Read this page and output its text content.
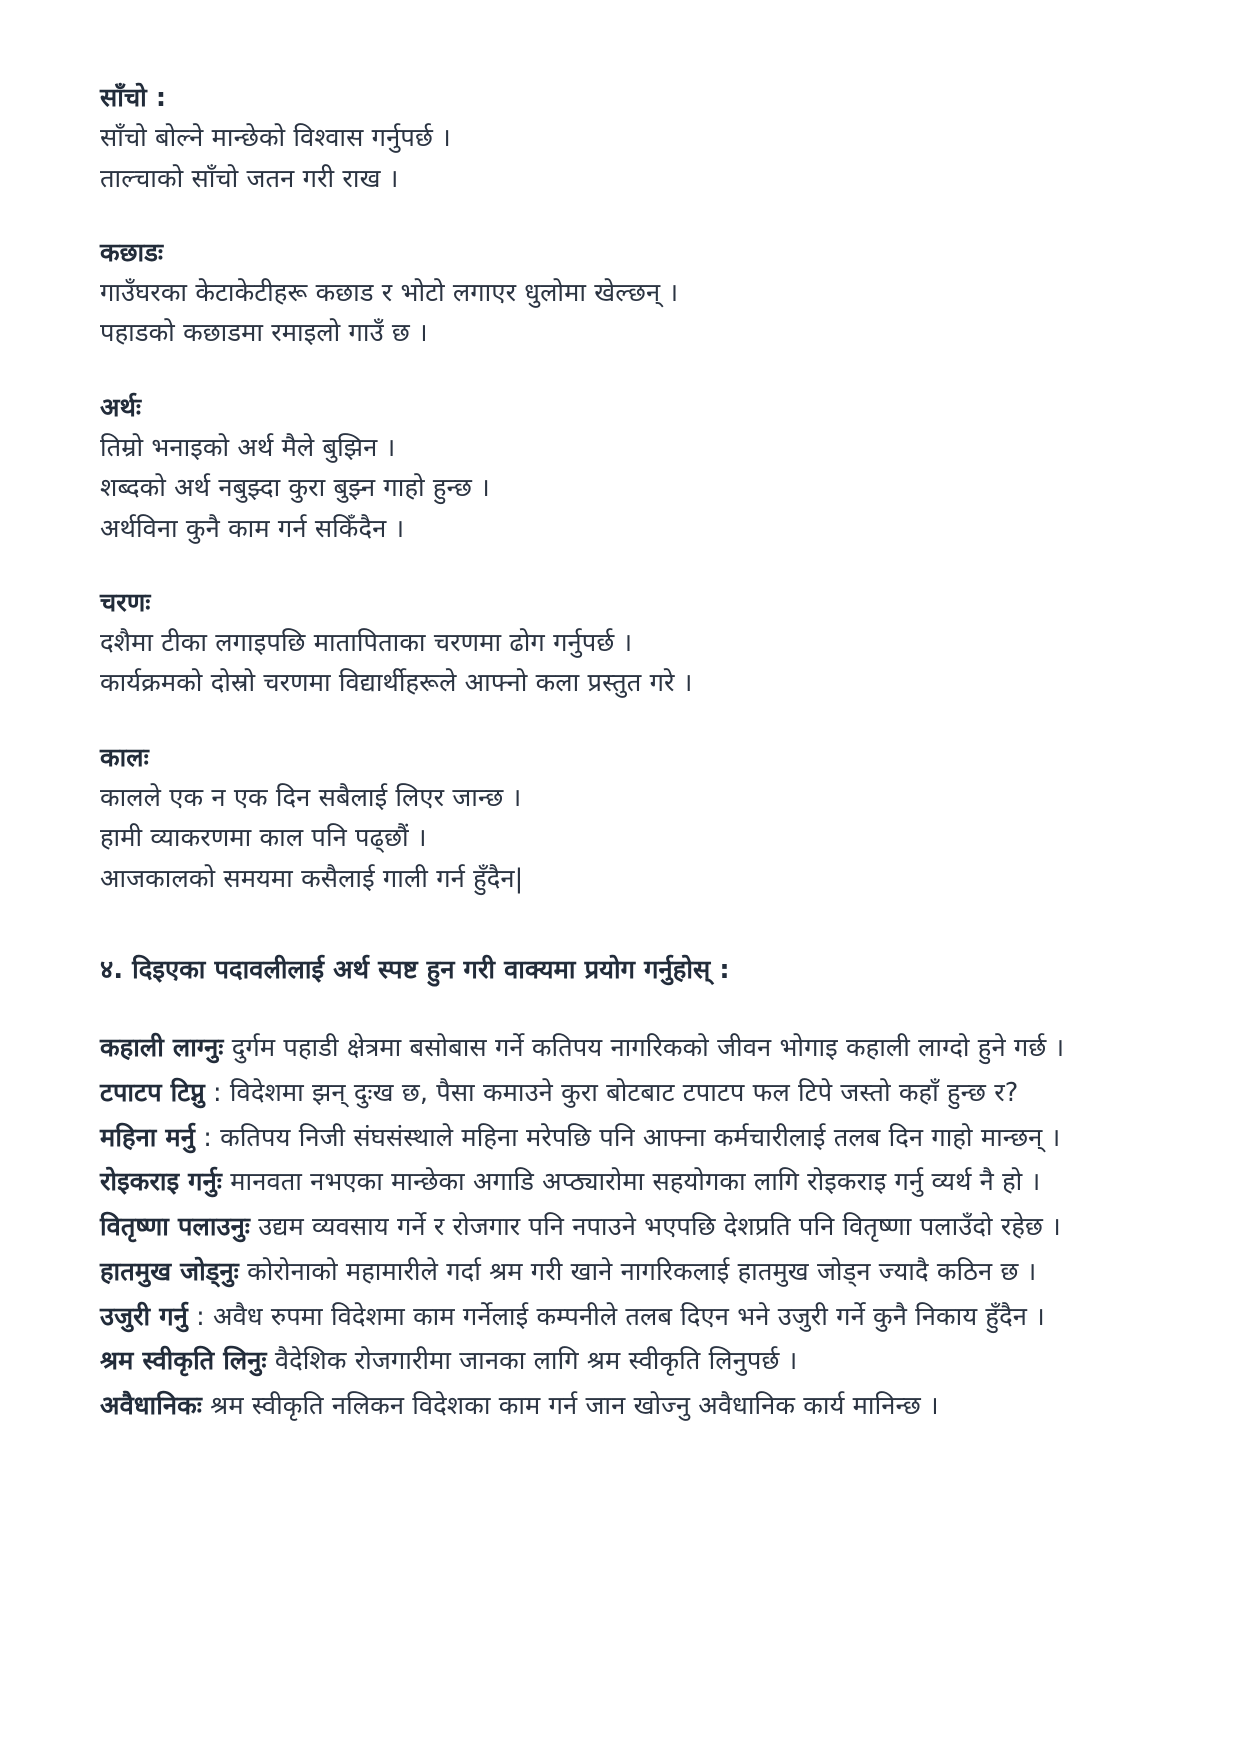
साँचो :

साँचो बोल्ने मान्छेको विश्वास गर्नुपर्छ ।

ताल्चाको साँचो जतन गरी राख ।

कछाडः

गाउँघरका केटाकेटीहरू कछाड र भोटो लगाएर धुलोमा खेल्छन् ।

पहाडको कछाडमा रमाइलो गाउँ छ ।

अर्थः

तिम्रो भनाइको अर्थ मैले बुझिन ।

शब्दको अर्थ नबुझ्दा कुरा बुझ्न गाहो हुन्छ ।

अर्थविना कुनै काम गर्न सकिँदैन ।

चरणः

दशैमा टीका लगाइपछि मातापिताका चरणमा ढोग गर्नुपर्छ ।

कार्यक्रमको दोस्रो चरणमा विद्यार्थीहरूले आफ्नो कला प्रस्तुत गरे ।

कालः

कालले एक न एक दिन सबैलाई लिएर जान्छ ।

हामी व्याकरणमा काल पनि पढ्छौं ।

आजकालको समयमा कसैलाई गाली गर्न हुँदैन|

४. दिइएका पदावलीलाई अर्थ स्पष्ट हुन गरी वाक्यमा प्रयोग गर्नुहोस् :

कहाली लाग्नुः दुर्गम पहाडी क्षेत्रमा बसोबास गर्ने कतिपय नागरिकको जीवन भोगाइ कहाली लाग्दो हुने गर्छ ।

टपाटप टिप्नु : विदेशमा झन् दुःख छ, पैसा कमाउने कुरा बोटबाट टपाटप फल टिपे जस्तो कहाँ हुन्छ र?

महिना मर्नु : कतिपय निजी संघसंस्थाले महिना मरेपछि पनि आफ्ना कर्मचारीलाई तलब दिन गाहो मान्छन् ।

रोइकराइ गर्नुः मानवता नभएका मान्छेका अगाडि अप्ठ्यारोमा सहयोगका लागि रोइकराइ गर्नु व्यर्थ नै हो ।

वितृष्णा पलाउनुः उद्यम व्यवसाय गर्ने र रोजगार पनि नपाउने भएपछि देशप्रति पनि वितृष्णा पलाउँदो रहेछ ।

हातमुख जोड्नुः कोरोनाको महामारीले गर्दा श्रम गरी खाने नागरिकलाई हातमुख जोड्न ज्यादै कठिन छ ।

उजुरी गर्नु : अवैध रुपमा विदेशमा काम गर्नेलाई कम्पनीले तलब दिएन भने उजुरी गर्ने कुनै निकाय हुँदैन ।

श्रम स्वीकृति लिनुः वैदेशिक रोजगारीमा जानका लागि श्रम स्वीकृति लिनुपर्छ ।

अवैधानिकः श्रम स्वीकृति नलिकन विदेशका काम गर्न जान खोज्नु अवैधानिक कार्य मानिन्छ ।
